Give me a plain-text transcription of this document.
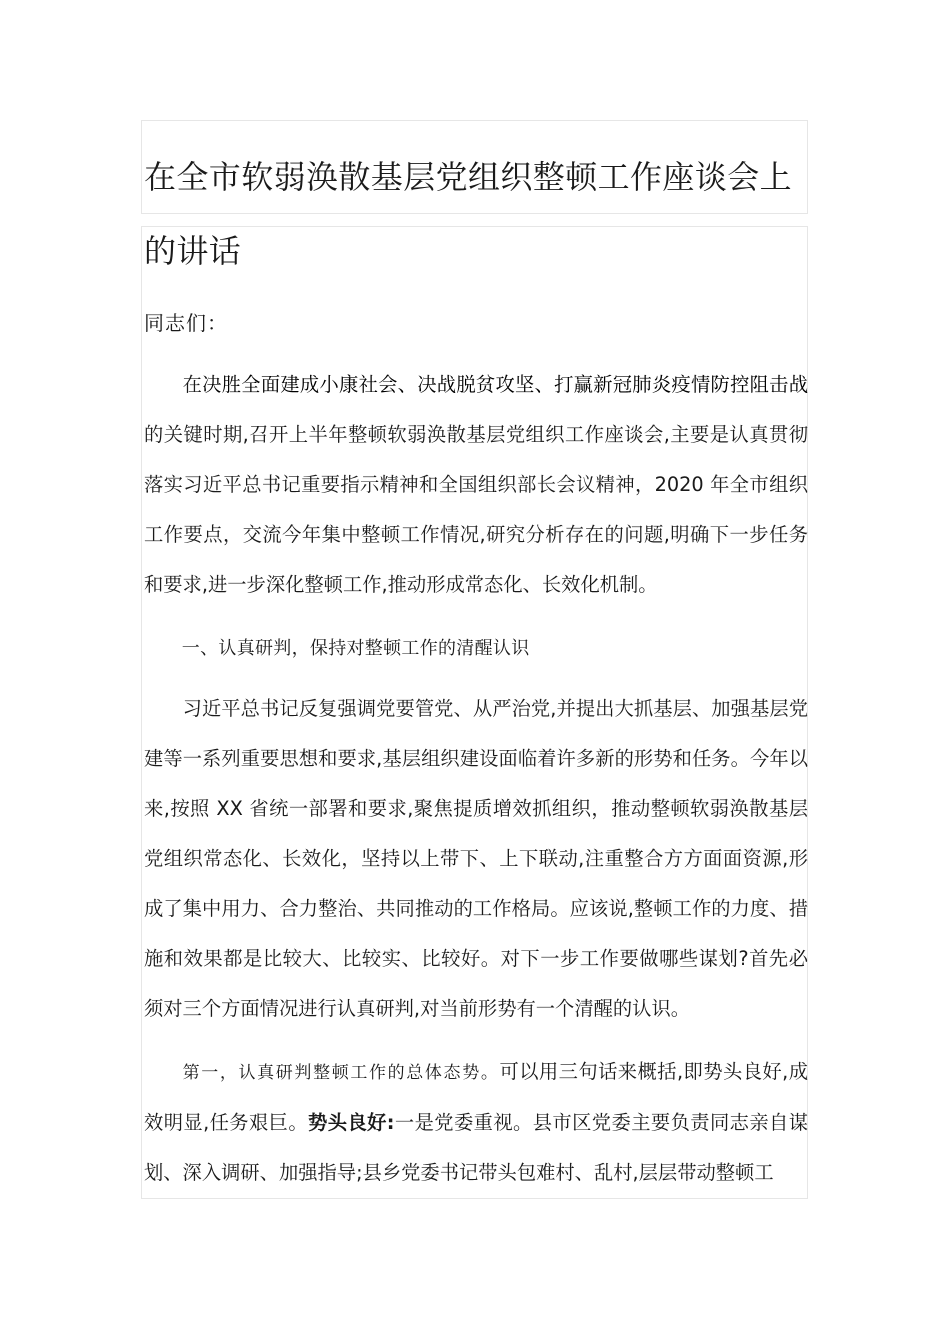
在全市软弱涣散基层党组织整顿工作座谈会上的讲话

同志们：

在决胜全面建成小康社会、决战脱贫攻坚、打赢新冠肺炎疫情防控阻击战的关键时期,召开上半年整顿软弱涣散基层党组织工作座谈会,主要是认真贯彻落实习近平总书记重要指示精神和全国组织部长会议精神，2020 年全市组织工作要点，交流今年集中整顿工作情况,研究分析存在的问题,明确下一步任务和要求,进一步深化整顿工作,推动形成常态化、长效化机制。

一、认真研判，保持对整顿工作的清醒认识

习近平总书记反复强调党要管党、从严治党,并提出大抓基层、加强基层党建等一系列重要思想和要求,基层组织建设面临着许多新的形势和任务。今年以来,按照 XX 省统一部署和要求,聚焦提质增效抓组织，推动整顿软弱涣散基层党组织常态化、长效化，坚持以上带下、上下联动,注重整合方方面面资源,形成了集中用力、合力整治、共同推动的工作格局。应该说,整顿工作的力度、措施和效果都是比较大、比较实、比较好。对下一步工作要做哪些谋划?首先必须对三个方面情况进行认真研判,对当前形势有一个清醒的认识。

第一，认真研判整顿工作的总体态势。可以用三句话来概括,即势头良好,成效明显,任务艰巨。势头良好:一是党委重视。县市区党委主要负责同志亲自谋划、深入调研、加强指导;县乡党委书记带头包难村、乱村,层层带动整顿工
